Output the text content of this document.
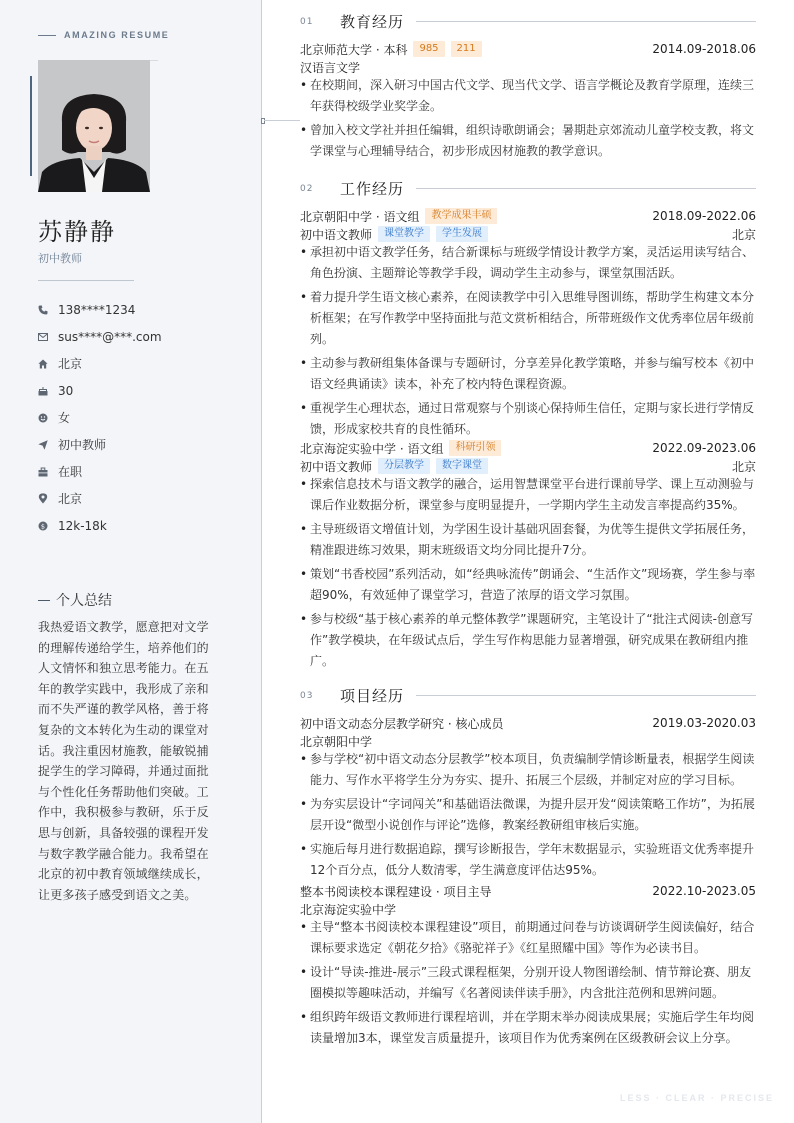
AMAZING RESUME
苏静静
初中教师
138****1234
sus****@***.com
北京
30
女
初中教师
在职
北京
$ 12k-18k
个人总结
我热爱语文教学，愿意把对文学的理解传递给学生，培养他们的人文情怀和独立思考能力。在五年的教学实践中，我形成了亲和而不失严谨的教学风格，善于将复杂的文本转化为生动的课堂对话。我注重因材施教，能敏锐捕捉学生的学习障碍，并通过面批与个性化任务帮助他们突破。工作中，我积极参与教研，乐于反思与创新，具备较强的课程开发与数字教学融合能力。我希望在北京的初中教育领域继续成长，让更多孩子感受到语文之美。
01	教育经历
北京师范大学 · 本科	985	211	2014.09-2018.06
汉语言文学
• 在校期间，深入研习中国古代文学、现当代文学、语言学概论及教育学原理，连续三年获得校级学业奖学金。
• 曾加入校文学社并担任编辑，组织诗歌朗诵会；暑期赴京郊流动儿童学校支教，将文学课堂与心理辅导结合，初步形成因材施教的教学意识。
02	工作经历
北京朝阳中学 · 语文组	教学成果丰硕	2018.09-2022.06
初中语文教师	课堂教学	学生发展	北京
• 承担初中语文教学任务，结合新课标与班级学情设计教学方案，灵活运用读写结合、角色扮演、主题辩论等教学手段，调动学生主动参与，课堂氛围活跃。
• 着力提升学生语文核心素养，在阅读教学中引入思维导图训练，帮助学生构建文本分析框架；在写作教学中坚持面批与范文赏析相结合，所带班级作文优秀率位居年级前列。
• 主动参与教研组集体备课与专题研讨，分享差异化教学策略，并参与编写校本《初中语文经典诵读》读本，补充了校内特色课程资源。
• 重视学生心理状态，通过日常观察与个别谈心保持师生信任，定期与家长进行学情反馈，形成家校共育的良性循环。
北京海淀实验中学 · 语文组	科研引领	2022.09-2023.06
初中语文教师	分层教学	数字课堂	北京
• 探索信息技术与语文教学的融合，运用智慧课堂平台进行课前导学、课上互动测验与课后作业数据分析，课堂参与度明显提升，一学期内学生主动发言率提高约35%。
• 主导班级语文增值计划，为学困生设计基础巩固套餐，为优等生提供文学拓展任务，精准跟进练习效果，期末班级语文均分同比提升7分。
• 策划“书香校园”系列活动，如“经典咏流传”朗诵会、“生活作文”现场赛，学生参与率超90%，有效延伸了课堂学习，营造了浓厚的语文学习氛围。
• 参与校级“基于核心素养的单元整体教学”课题研究，主笔设计了“批注式阅读-创意写作”教学模块，在年级试点后，学生写作构思能力显著增强，研究成果在教研组内推广。
03	项目经历
初中语文动态分层教学研究 · 核心成员	2019.03-2020.03
北京朝阳中学
• 参与学校“初中语文动态分层教学”校本项目，负责编制学情诊断量表，根据学生阅读能力、写作水平将学生分为夯实、提升、拓展三个层级，并制定对应的学习目标。
• 为夯实层设计“字词闯关”和基础语法微课，为提升层开发“阅读策略工作坊”，为拓展层开设“微型小说创作与评论”选修，教案经教研组审核后实施。
• 实施后每月进行数据追踪，撰写诊断报告，学年末数据显示，实验班语文优秀率提升12个百分点，低分人数清零，学生满意度评估达95%。
整本书阅读校本课程建设 · 项目主导	2022.10-2023.05
北京海淀实验中学
• 主导“整本书阅读校本课程建设”项目，前期通过问卷与访谈调研学生阅读偏好，结合课标要求选定《朝花夕拾》《骆驼祥子》《红星照耀中国》等作为必读书目。
• 设计“导读-推进-展示”三段式课程框架，分别开设人物图谱绘制、情节辩论赛、朋友圈模拟等趣味活动，并编写《名著阅读伴读手册》，内含批注范例和思辨问题。
• 组织跨年级语文教师进行课程培训，并在学期末举办阅读成果展；实施后学生年均阅读量增加3本，课堂发言质量提升，该项目作为优秀案例在区级教研会议上分享。
LESS · CLEAR · PRECISE
